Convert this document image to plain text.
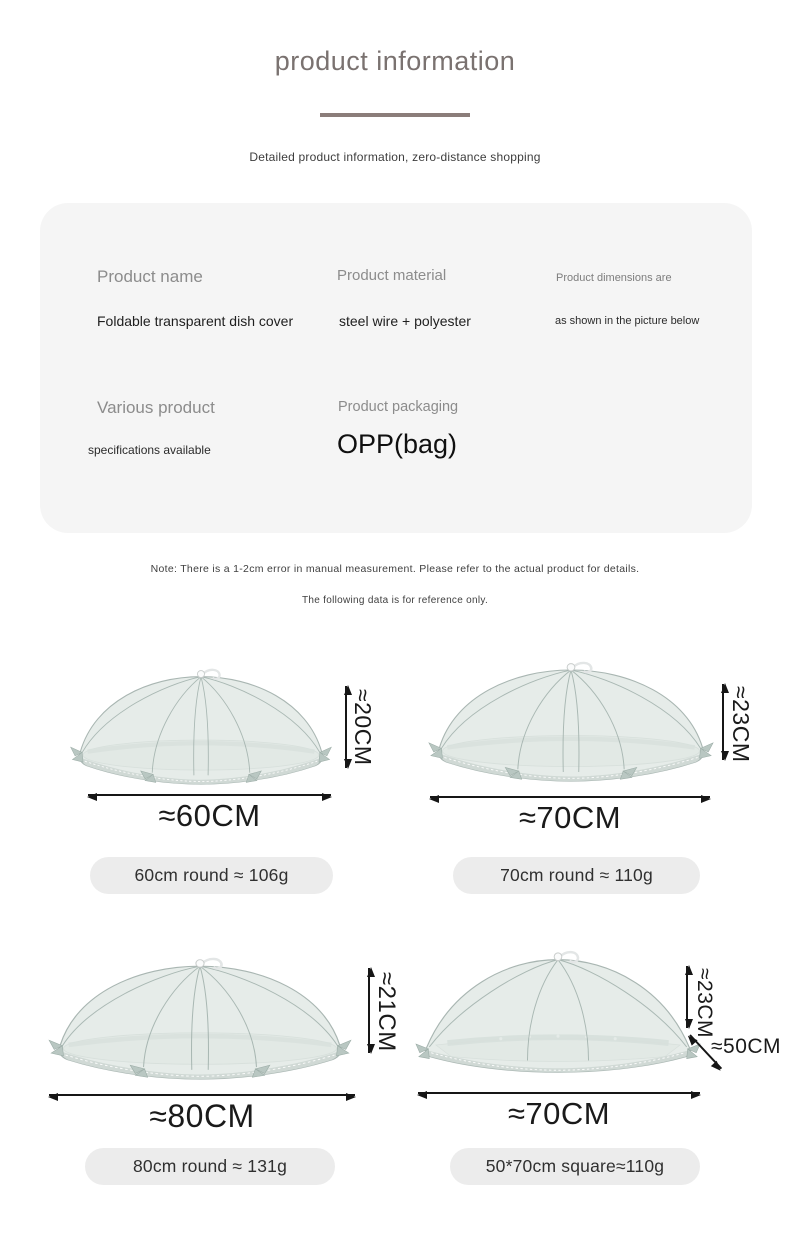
product information
Detailed product information, zero-distance shopping
Product name
Foldable transparent dish cover
Product material
steel wire + polyester
Product dimensions are
as shown in the picture below
Various product
specifications available
Product packaging
OPP(bag)
Note: There is a 1-2cm error in manual measurement. Please refer to the actual product for details.
The following data is for reference only.
≈20CM
≈60CM
60cm round ≈ 106g
≈23CM
≈70CM
70cm round ≈ 110g
≈21CM
≈80CM
80cm round ≈ 131g
≈23CM
≈50CM
≈70CM
50*70cm square≈110g
